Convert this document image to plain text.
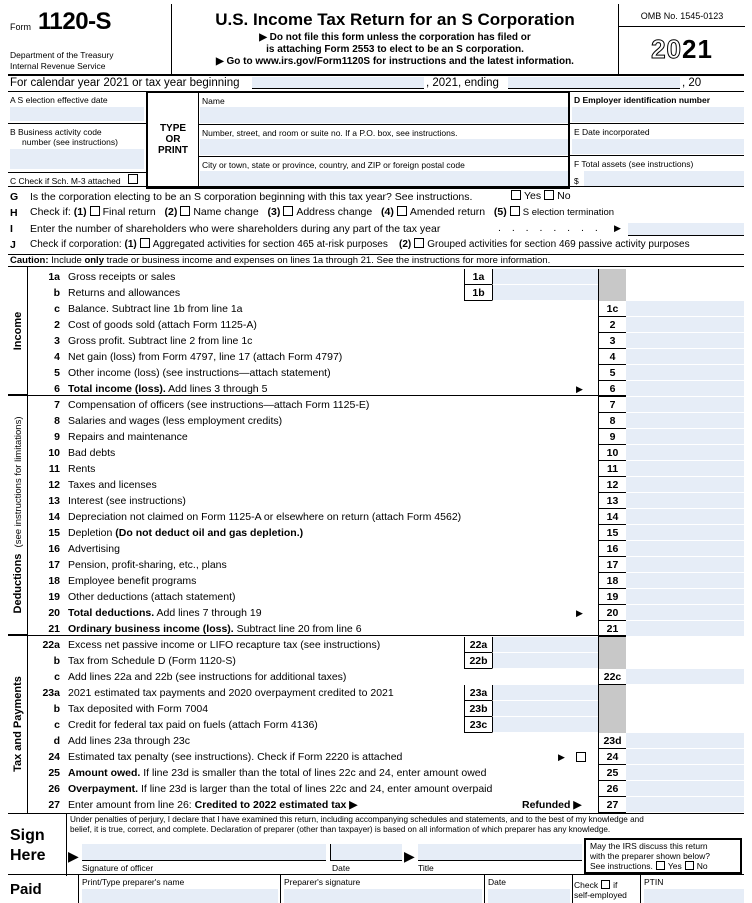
Form 1120-S
Department of the Treasury
Internal Revenue Service
U.S. Income Tax Return for an S Corporation
▶ Do not file this form unless the corporation has filed or
is attaching Form 2553 to elect to be an S corporation.
▶ Go to www.irs.gov/Form1120S for instructions and the latest information.
OMB No. 1545-0123
2021
For calendar year 2021 or tax year beginning	, 2021, ending	, 20
A S election effective date
B Business activity code
number (see instructions)
C Check if Sch. M-3 attached
TYPE OR PRINT
Name
Number, street, and room or suite no. If a P.O. box, see instructions.
City or town, state or province, country, and ZIP or foreign postal code
D Employer identification number
E Date incorporated
F Total assets (see instructions)
$
G Is the corporation electing to be an S corporation beginning with this tax year? See instructions.	Yes No
H Check if: (1) Final return (2) Name change (3) Address change (4) Amended return (5) S election termination
I Enter the number of shareholders who were shareholders during any part of the tax year	. . . . . . . . ▶
J Check if corporation: (1) Aggregated activities for section 465 at-risk purposes (2) Grouped activities for section 469 passive activity purposes
Caution: Include only trade or business income and expenses on lines 1a through 21. See the instructions for more information.
Income
Deductions  (see instructions for limitations)
Tax and Payments
1a Gross receipts or sales	1a
b Returns and allowances	1b
c Balance. Subtract line 1b from line 1a	1c
2 Cost of goods sold (attach Form 1125-A)	2
3 Gross profit. Subtract line 2 from line 1c	3
4 Net gain (loss) from Form 4797, line 17 (attach Form 4797)	4
5 Other income (loss) (see instructions—attach statement)	5
6 Total income (loss). Add lines 3 through 5	▶	6
7 Compensation of officers (see instructions—attach Form 1125-E)	7
8 Salaries and wages (less employment credits)	8
9 Repairs and maintenance	9
10 Bad debts	10
11 Rents	11
12 Taxes and licenses	12
13 Interest (see instructions)	13
14 Depreciation not claimed on Form 1125-A or elsewhere on return (attach Form 4562)	14
15 Depletion (Do not deduct oil and gas depletion.)	15
16 Advertising	16
17 Pension, profit-sharing, etc., plans	17
18 Employee benefit programs	18
19 Other deductions (attach statement)	19
20 Total deductions. Add lines 7 through 19	▶	20
21 Ordinary business income (loss). Subtract line 20 from line 6	21
22a Excess net passive income or LIFO recapture tax (see instructions)	22a
b Tax from Schedule D (Form 1120-S)	22b
c Add lines 22a and 22b (see instructions for additional taxes)	22c
23a 2021 estimated tax payments and 2020 overpayment credited to 2021	23a
b Tax deposited with Form 7004	23b
c Credit for federal tax paid on fuels (attach Form 4136)	23c
d Add lines 23a through 23c	23d
24 Estimated tax penalty (see instructions). Check if Form 2220 is attached	24
▶
25 Amount owed. If line 23d is smaller than the total of lines 22c and 24, enter amount owed	25
26 Overpayment. If line 23d is larger than the total of lines 22c and 24, enter amount overpaid	26
27 Enter amount from line 26: Credited to 2022 estimated tax ▶	Refunded ▶	27
Sign
Here
Under penalties of perjury, I declare that I have examined this return, including accompanying schedules and statements, and to the best of my knowledge and
belief, it is true, correct, and complete. Declaration of preparer (other than taxpayer) is based on all information of which preparer has any knowledge.
▶	▶
Signature of officer	Date	Title
May the IRS discuss this return
with the preparer shown below?
See instructions. Yes No
Paid	Print/Type preparer's name	Preparer's signature	Date	Check if
self-employed
PTIN
